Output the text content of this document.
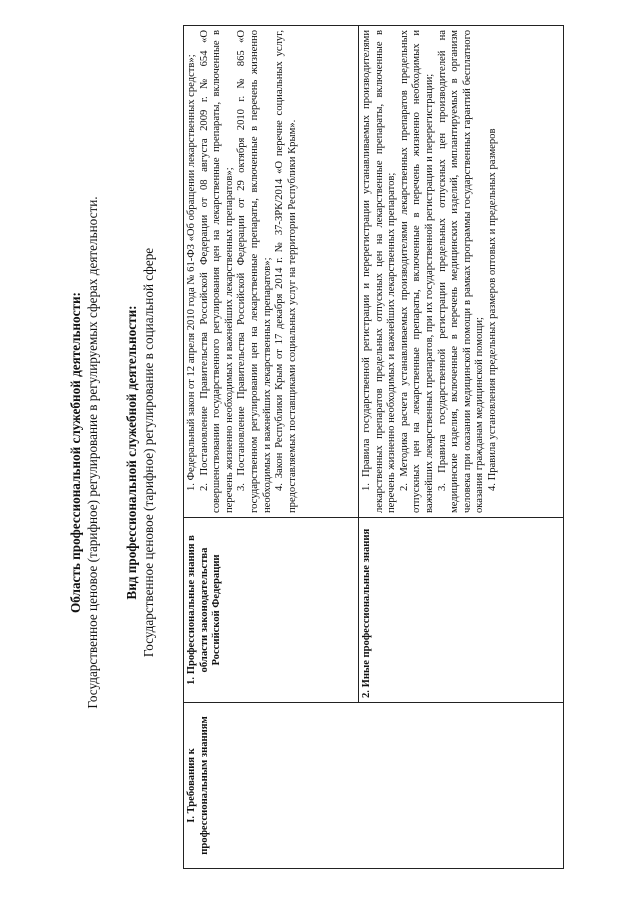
Область профессиональной служебной деятельности: Государственное ценовое (тарифное) регулирование в регулируемых сферах деятельности. Вид профессиональной служебной деятельности: Государственное ценовое (тарифное) регулирование в социальной сфере
I. Требования к профессиональным знаниям	1. Профессиональные знания в области законодательства Российской Федерации	1. Федеральный закон от 12 апреля 2010 года № 61-ФЗ «Об обращении лекарственных средств»; 2. Постановление Правительства Российской Федерации от 08 августа 2009 г. № 654 «О совершенствовании государственного регулирования цен на лекарственные препараты, включенные в перечень жизненно необходимых и важнейших лекарственных препаратов»; 3. Постановление Правительства Российской Федерации от 29 октября 2010 г. № 865 «О государственном регулировании цен на лекарственные препараты, включенные в перечень жизненно необходимых и важнейших лекарственных препаратов»; 4. Закон Республики Крым от 17 декабря 2014 г. № 37-ЗРК/2014 «О перечне социальных услуг, предоставляемых поставщиками социальных услуг на территории Республики Крым».

	2. Иные профессиональные знания	1. Правила государственной регистрации и перерегистрации устанавливаемых производителями лекарственных препаратов предельных отпускных цен на лекарственные препараты, включенные в перечень жизненно необходимых и важнейших лекарственных препаратов; 2. Методика расчета устанавливаемых производителями лекарственных препаратов предельных отпускных цен на лекарственные препараты, включенные в перечень жизненно необходимых и важнейших лекарственных препаратов, при их государственной регистрации и перерегистрации; 3. Правила государственной регистрации предельных отпускных цен производителей на медицинские изделия, включенные в перечень медицинских изделий, имплантируемых в организм человека при оказании медицинской помощи в рамках программы государственных гарантий бесплатного оказания гражданам медицинской помощи; 4. Правила установления предельных размеров оптовых и предельных размеров
